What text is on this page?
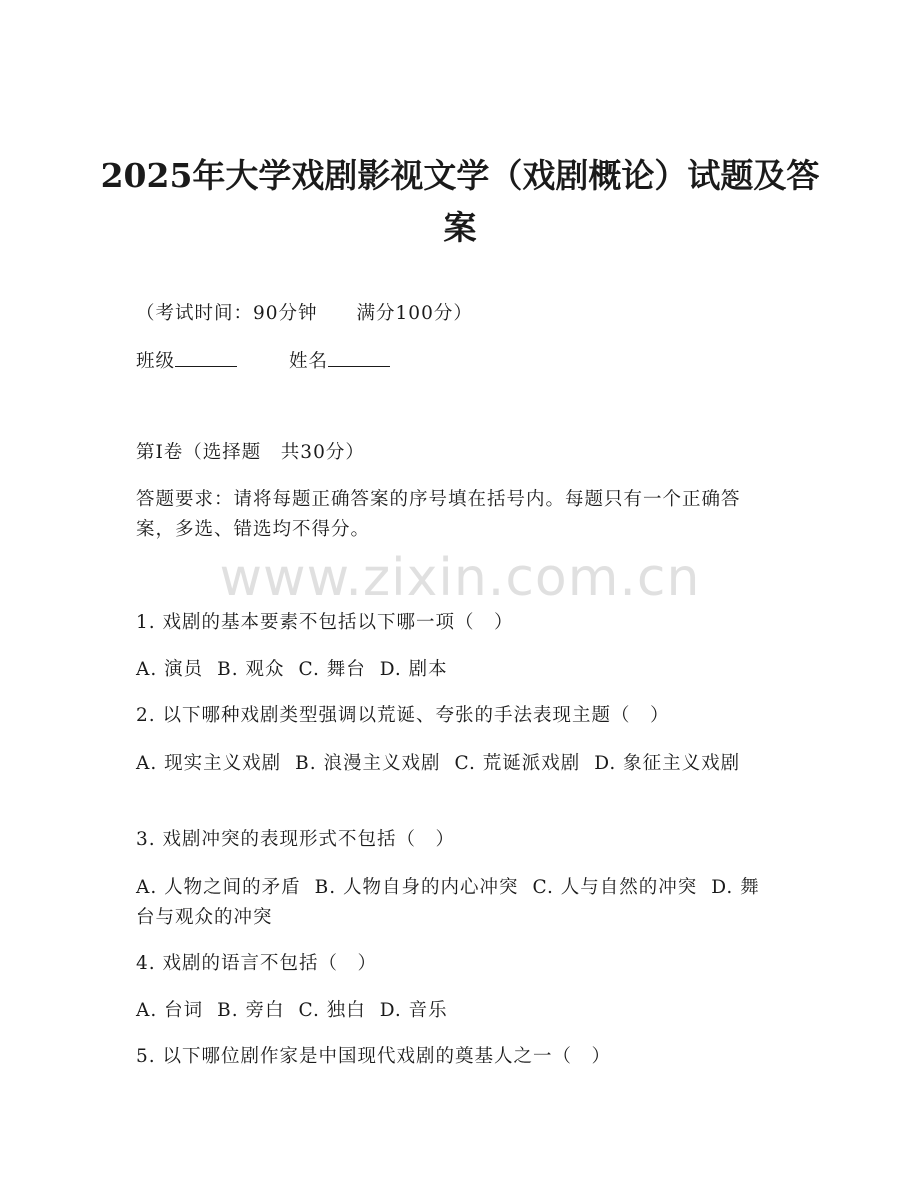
2025年大学戏剧影视文学（戏剧概论）试题及答案
（考试时间：90分钟　　满分100分）
班级	姓名
第Ⅰ卷（选择题　共30分）
答题要求：请将每题正确答案的序号填在括号内。每题只有一个正确答案，多选、错选均不得分。
www.zixin.com.cn
1. 戏剧的基本要素不包括以下哪一项（　）
A. 演员 B. 观众 C. 舞台 D. 剧本
2. 以下哪种戏剧类型强调以荒诞、夸张的手法表现主题（　）
A. 现实主义戏剧 B. 浪漫主义戏剧 C. 荒诞派戏剧 D. 象征主义戏剧
3. 戏剧冲突的表现形式不包括（　）
A. 人物之间的矛盾 B. 人物自身的内心冲突 C. 人与自然的冲突 D. 舞台与观众的冲突
4. 戏剧的语言不包括（　）
A. 台词 B. 旁白 C. 独白 D. 音乐
5. 以下哪位剧作家是中国现代戏剧的奠基人之一（　）
